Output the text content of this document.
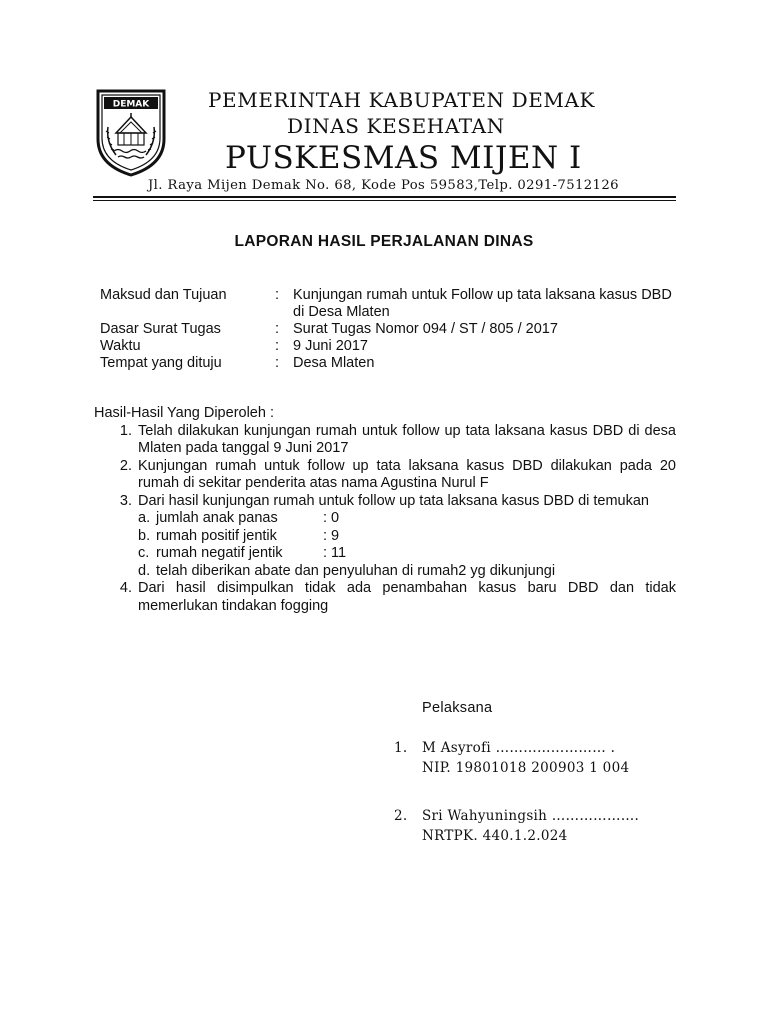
DEMAK	PEMERINTAH KABUPATEN DEMAK
DINAS KESEHATAN
PUSKESMAS MIJEN I
Jl. Raya Mijen Demak No. 68, Kode Pos 59583,Telp. 0291-7512126
LAPORAN HASIL PERJALANAN DINAS
Maksud dan Tujuan	: Kunjungan rumah untuk Follow up tata laksana kasus DBD di Desa Mlaten
Dasar Surat Tugas	: Surat Tugas Nomor 094 / ST / 805 / 2017
Waktu	: 9 Juni 2017
Tempat yang dituju	: Desa Mlaten
Hasil-Hasil Yang Diperoleh :
1. Telah dilakukan kunjungan rumah untuk follow up tata laksana kasus DBD di desa Mlaten pada tanggal 9 Juni 2017
2. Kunjungan rumah untuk follow up tata laksana kasus DBD dilakukan pada 20 rumah di sekitar penderita atas nama Agustina Nurul F
3. Dari hasil kunjungan rumah untuk follow up tata laksana kasus DBD di temukan
a. jumlah anak panas	: 0
b. rumah positif jentik	: 9
c. rumah negatif jentik	: 11
d. telah diberikan abate dan penyuluhan di rumah2 yg dikunjungi
4. Dari hasil disimpulkan tidak ada penambahan kasus baru DBD dan tidak memerlukan tindakan fogging
Pelaksana
1. M Asyrofi …………………… .
NIP. 19801018 200903 1 004
2. Sri Wahyuningsih ……………….
NRTPK. 440.1.2.024
